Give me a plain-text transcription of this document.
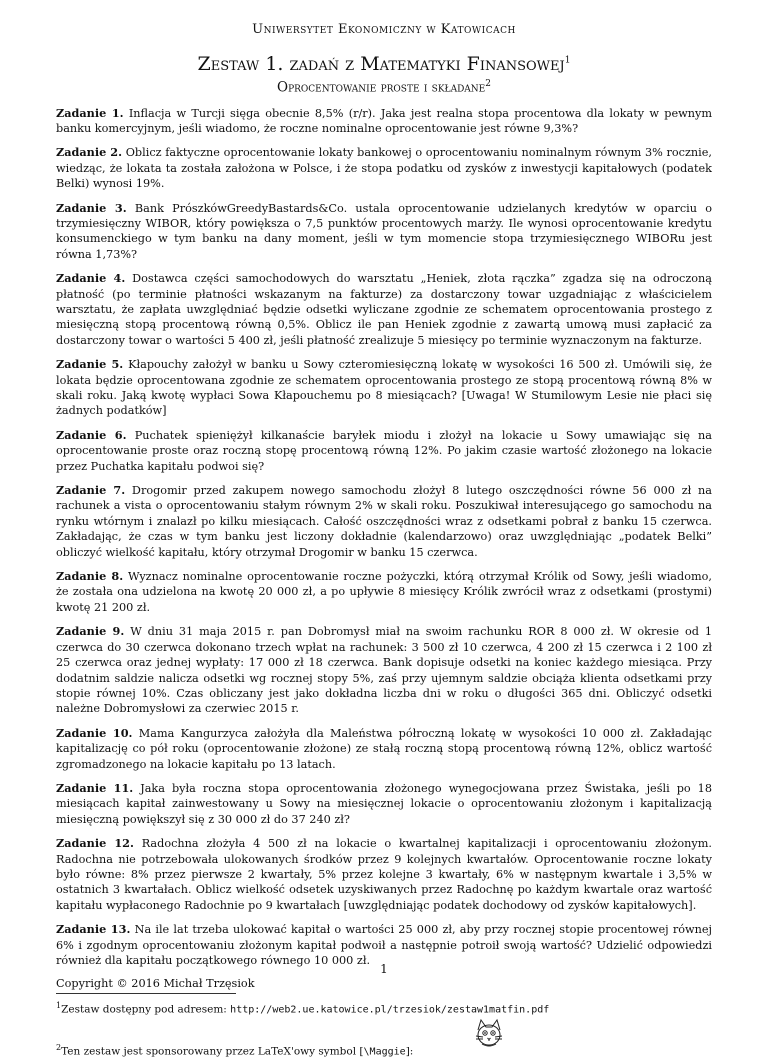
Uniwersytet Ekonomiczny w Katowicach
Zestaw 1. zadań z Matematyki Finansowej$^1$
Oprocentowanie proste i składane$^2$

Zadanie 1. Inflacja w Turcji sięga obecnie 8,5% (r/r). Jaka jest realna stopa procentowa dla lokaty w pewnym banku komercyjnym, jeśli wiadomo, że roczne nominalne oprocentowanie jest równe 9,3%?

Zadanie 2. Oblicz faktyczne oprocentowanie lokaty bankowej o oprocentowaniu nominalnym równym 3% rocznie, wiedząc, że lokata ta została założona w Polsce, i że stopa podatku od zysków z inwestycji kapitałowych (podatek Belki) wynosi 19%.

Zadanie 3. Bank PrószkówGreedyBastards&Co. ustala oprocentowanie udzielanych kredytów w oparciu o trzymiesięczny WIBOR, który powiększa o 7,5 punktów procentowych marży. Ile wynosi oprocentowanie kredytu konsumenckiego w tym banku na dany moment, jeśli w tym momencie stopa trzymiesięcznego WIBORu jest równa 1,73%?

Zadanie 4. Dostawca części samochodowych do warsztatu „Heniek, złota rączka” zgadza się na odroczoną płatność (po terminie płatności wskazanym na fakturze) za dostarczony towar uzgadniając z właścicielem warsztatu, że zapłata uwzględniać będzie odsetki wyliczane zgodnie ze schematem oprocentowania prostego z miesięczną stopą procentową równą 0,5%. Oblicz ile pan Heniek zgodnie z zawartą umową musi zapłacić za dostarczony towar o wartości 5 400 zł, jeśli płatność zrealizuje 5 miesięcy po terminie wyznaczonym na fakturze.

Zadanie 5. Kłapouchy założył w banku u Sowy czteromiesięczną lokatę w wysokości 16 500 zł. Umówili się, że lokata będzie oprocentowana zgodnie ze schematem oprocentowania prostego ze stopą procentową równą 8% w skali roku. Jaką kwotę wypłaci Sowa Kłapouchemu po 8 miesiącach? [Uwaga! W Stumilowym Lesie nie płaci się żadnych podatków]

Zadanie 6. Puchatek spieniężył kilkanaście baryłek miodu i złożył na lokacie u Sowy umawiając się na oprocentowanie proste oraz roczną stopę procentową równą 12%. Po jakim czasie wartość złożonego na lokacie przez Puchatka kapitału podwoi się?

Zadanie 7. Drogomir przed zakupem nowego samochodu złożył 8 lutego oszczędności równe 56 000 zł na rachunek a vista o oprocentowaniu stałym równym 2% w skali roku. Poszukiwał interesującego go samochodu na rynku wtórnym i znalazł po kilku miesiącach. Całość oszczędności wraz z odsetkami pobrał z banku 15 czerwca. Zakładając, że czas w tym banku jest liczony dokładnie (kalendarzowo) oraz uwzględniając „podatek Belki” obliczyć wielkość kapitału, który otrzymał Drogomir w banku 15 czerwca.

Zadanie 8. Wyznacz nominalne oprocentowanie roczne pożyczki, którą otrzymał Królik od Sowy, jeśli wiadomo, że została ona udzielona na kwotę 20 000 zł, a po upływie 8 miesięcy Królik zwrócił wraz z odsetkami (prostymi) kwotę 21 200 zł.

Zadanie 9. W dniu 31 maja 2015 r. pan Dobromysł miał na swoim rachunku ROR 8 000 zł. W okresie od 1 czerwca do 30 czerwca dokonano trzech wpłat na rachunek: 3 500 zł 10 czerwca, 4 200 zł 15 czerwca i 2 100 zł 25 czerwca oraz jednej wypłaty: 17 000 zł 18 czerwca. Bank dopisuje odsetki na koniec każdego miesiąca. Przy dodatnim saldzie nalicza odsetki wg rocznej stopy 5%, zaś przy ujemnym saldzie obciąża klienta odsetkami przy stopie równej 10%. Czas obliczany jest jako dokładna liczba dni w roku o długości 365 dni. Obliczyć odsetki należne Dobromysłowi za czerwiec 2015 r.

Zadanie 10. Mama Kangurzyca założyła dla Maleństwa półroczną lokatę w wysokości 10 000 zł. Zakładając kapitalizację co pół roku (oprocentowanie złożone) ze stałą roczną stopą procentową równą 12%, oblicz wartość zgromadzonego na lokacie kapitału po 13 latach.

Zadanie 11. Jaka była roczna stopa oprocentowania złożonego wynegocjowana przez Świstaka, jeśli po 18 miesiącach kapitał zainwestowany u Sowy na miesięcznej lokacie o oprocentowaniu złożonym i kapitalizacją miesięczną powiększył się z 30 000 zł do 37 240 zł?

Zadanie 12. Radochna złożyła 4 500 zł na lokacie o kwartalnej kapitalizacji i oprocentowaniu złożonym. Radochna nie potrzebowała ulokowanych środków przez 9 kolejnych kwartałów. Oprocentowanie roczne lokaty było równe: 8% przez pierwsze 2 kwartały, 5% przez kolejne 3 kwartały, 6% w następnym kwartale i 3,5% w ostatnich 3 kwartałach. Oblicz wielkość odsetek uzyskiwanych przez Radochnę po każdym kwartale oraz wartość kapitału wypłaconego Radochnie po 9 kwartałach [uwzględniając podatek dochodowy od zysków kapitałowych].

Zadanie 13. Na ile lat trzeba ulokować kapitał o wartości 25 000 zł, aby przy rocznej stopie procentowej równej 6% i zgodnym oprocentowaniu złożonym kapitał podwoił a następnie potroił swoją wartość? Udzielić odpowiedzi również dla kapitału początkowego równego 10 000 zł.

Copyright © 2016 Michał Trzęsiok
$^1$Zestaw dostępny pod adresem: http://web2.ue.katowice.pl/trzesiok/zestaw1matfin.pdf
$^2$Ten zestaw jest sponsorowany przez LaTeX'owy symbol [\Maggie]:
1
